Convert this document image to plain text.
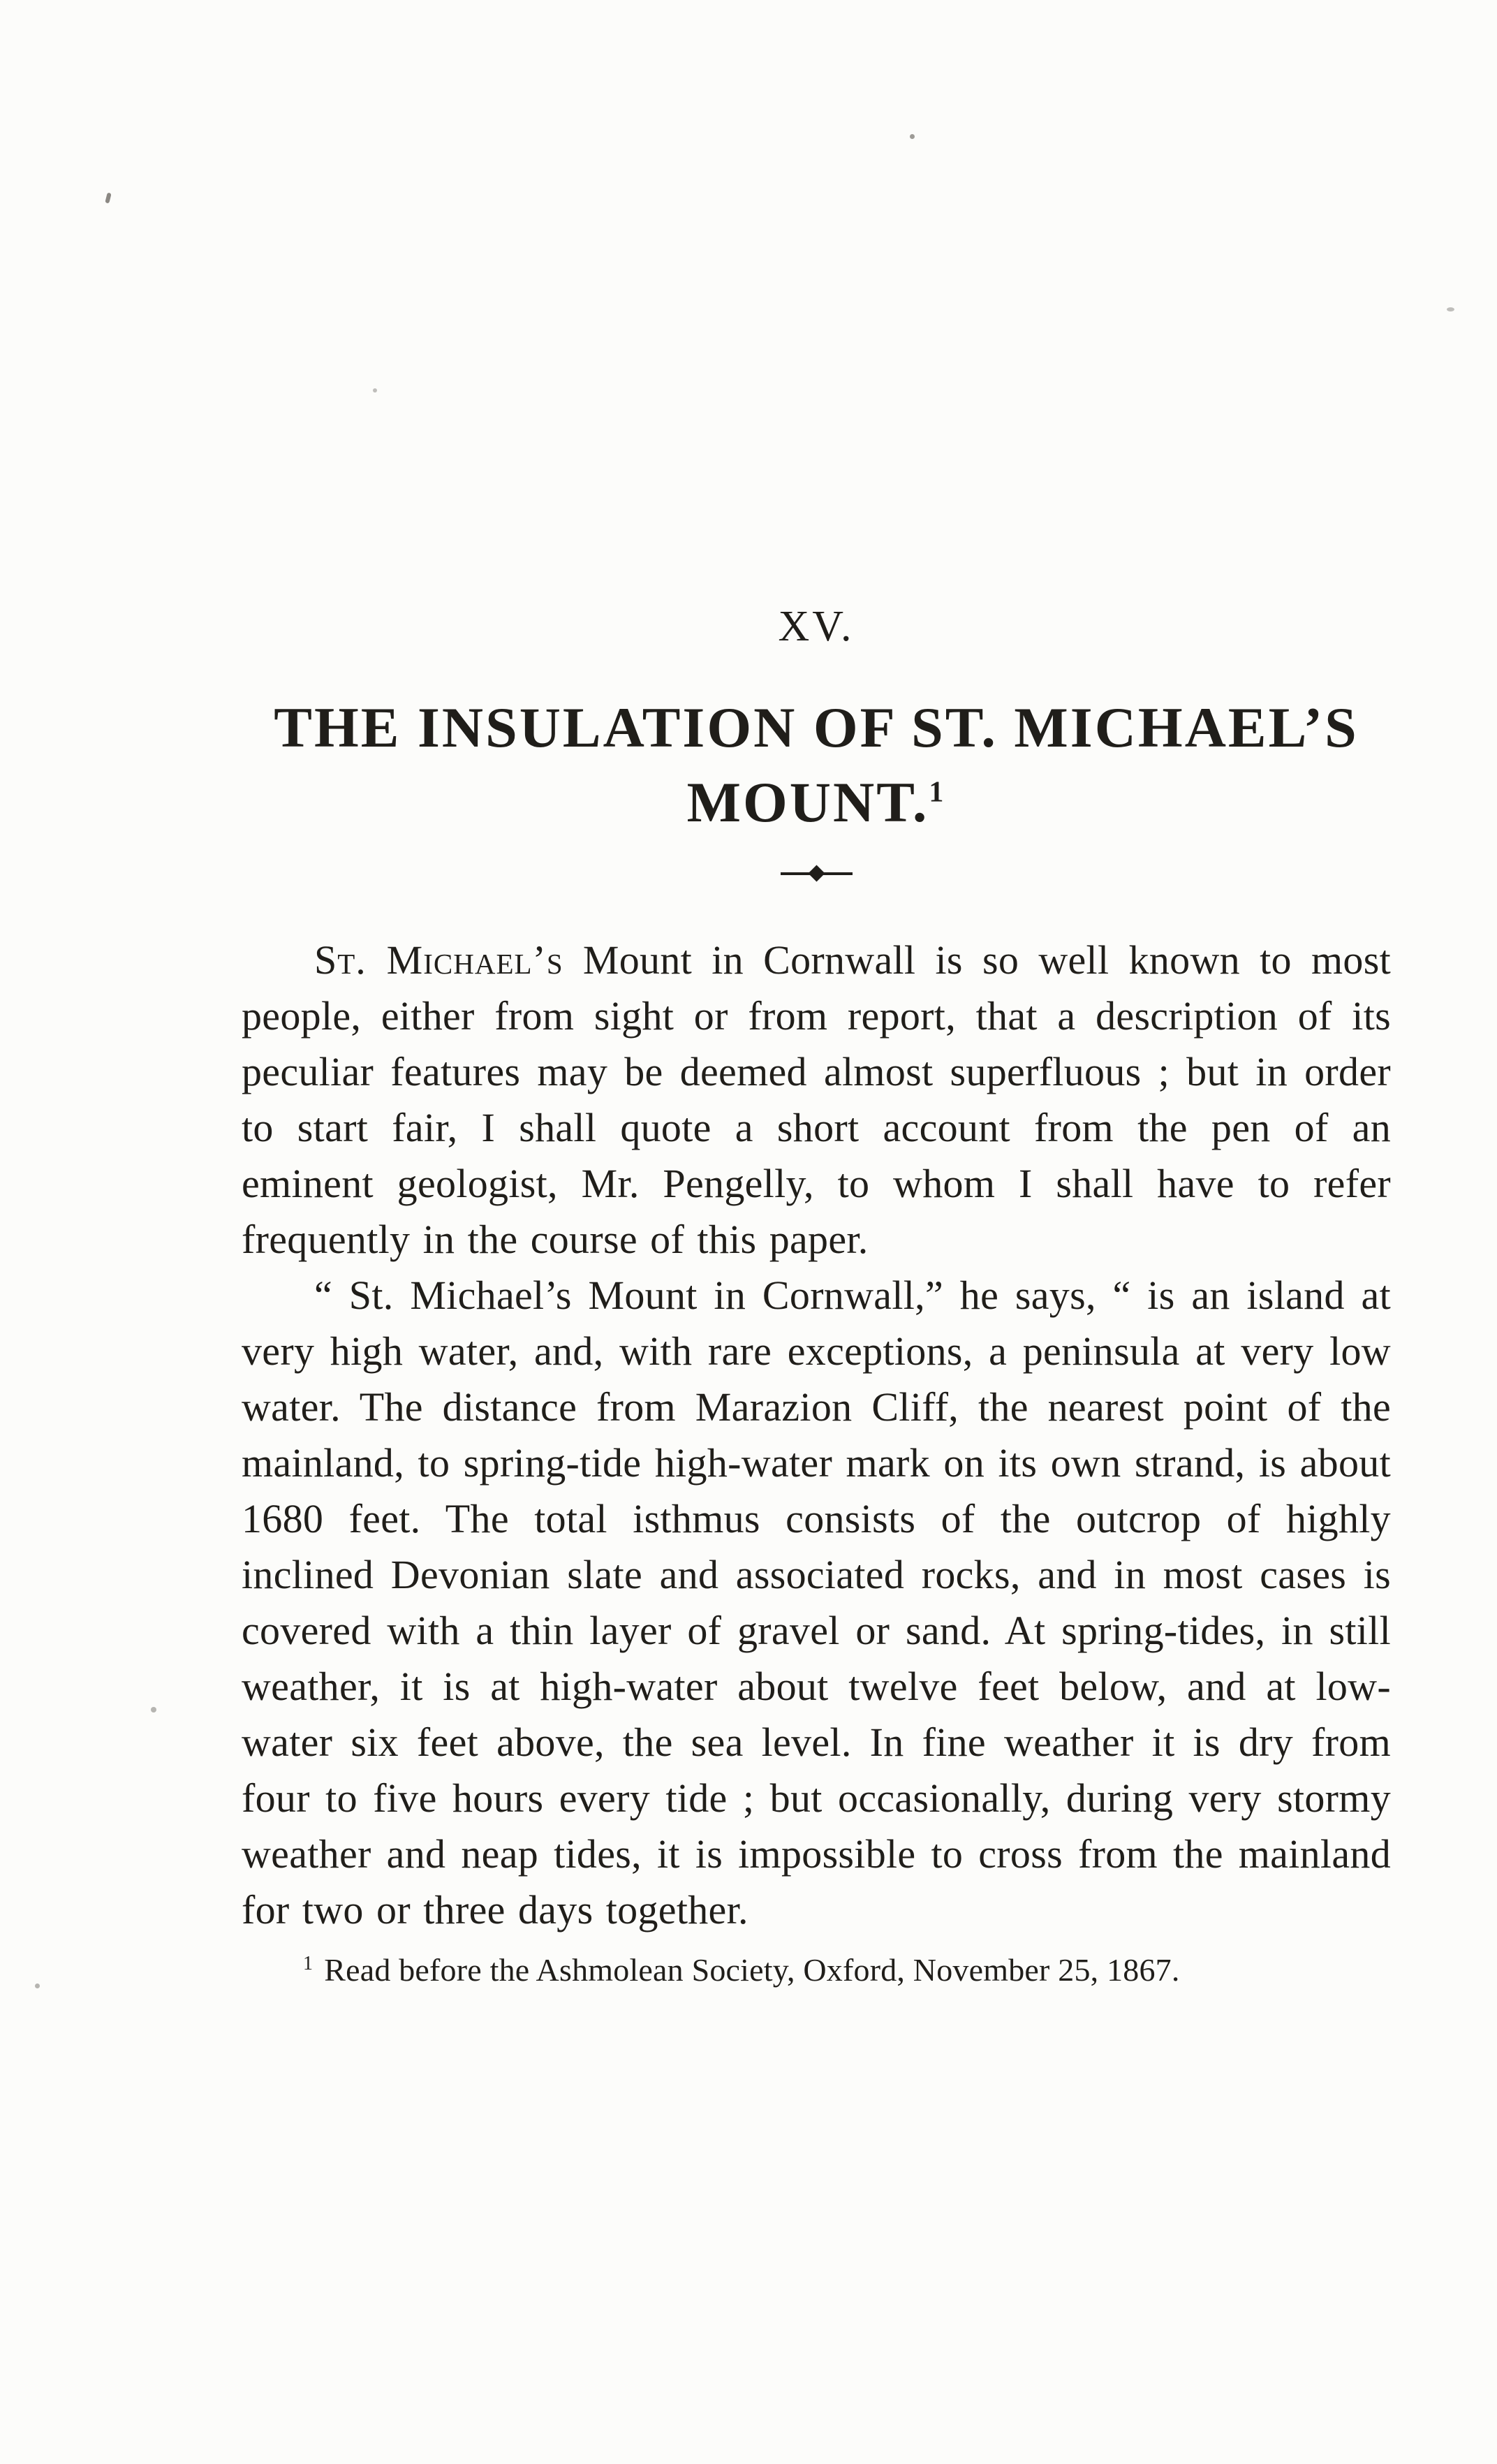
XV.
THE INSULATION OF ST. MICHAEL’S
MOUNT.$^1$

St. Michael’s Mount in Cornwall is so well known to most people, either from sight or from report, that a description of its peculiar features may be deemed almost superfluous ; but in order to start fair, I shall quote a short account from the pen of an eminent geologist, Mr. Pengelly, to whom I shall have to refer frequently in the course of this paper.

“ St. Michael’s Mount in Cornwall,” he says, “ is an island at very high water, and, with rare exceptions, a peninsula at very low water. The distance from Marazion Cliff, the nearest point of the mainland, to spring-tide high-water mark on its own strand, is about 1680 feet. The total isthmus consists of the outcrop of highly inclined Devonian slate and associated rocks, and in most cases is covered with a thin layer of gravel or sand. At spring-tides, in still weather, it is at high-water about twelve feet below, and at low-water six feet above, the sea level. In fine weather it is dry from four to five hours every tide ; but occasionally, during very stormy weather and neap tides, it is impossible to cross from the mainland for two or three days together.

$^1$ Read before the Ashmolean Society, Oxford, November 25, 1867.
